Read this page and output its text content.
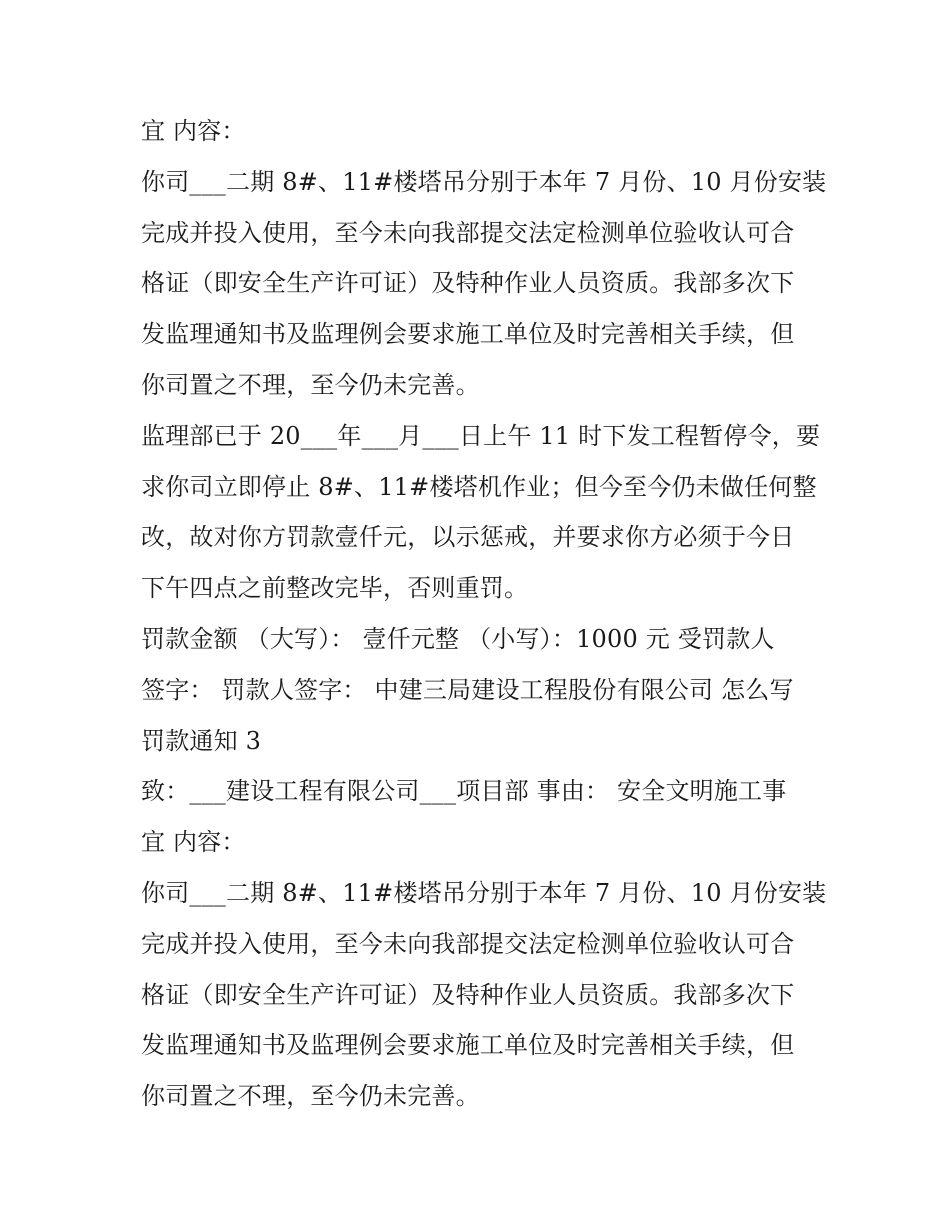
宜 内容：
你司___二期 8#、11#楼塔吊分别于本年 7 月份、10 月份安装
完成并投入使用，至今未向我部提交法定检测单位验收认可合
格证（即安全生产许可证）及特种作业人员资质。我部多次下
发监理通知书及监理例会要求施工单位及时完善相关手续，但
你司置之不理，至今仍未完善。
监理部已于 20___年___月___日上午 11 时下发工程暂停令，要
求你司立即停止 8#、11#楼塔机作业；但今至今仍未做任何整
改，故对你方罚款壹仟元，以示惩戒，并要求你方必须于今日
下午四点之前整改完毕，否则重罚。
罚款金额 （大写）： 壹仟元整 （小写）：1000 元 受罚款人
签字： 罚款人签字： 中建三局建设工程股份有限公司 怎么写
罚款通知 3
致：___建设工程有限公司___项目部 事由： 安全文明施工事
宜 内容：
你司___二期 8#、11#楼塔吊分别于本年 7 月份、10 月份安装
完成并投入使用，至今未向我部提交法定检测单位验收认可合
格证（即安全生产许可证）及特种作业人员资质。我部多次下
发监理通知书及监理例会要求施工单位及时完善相关手续，但
你司置之不理，至今仍未完善。
